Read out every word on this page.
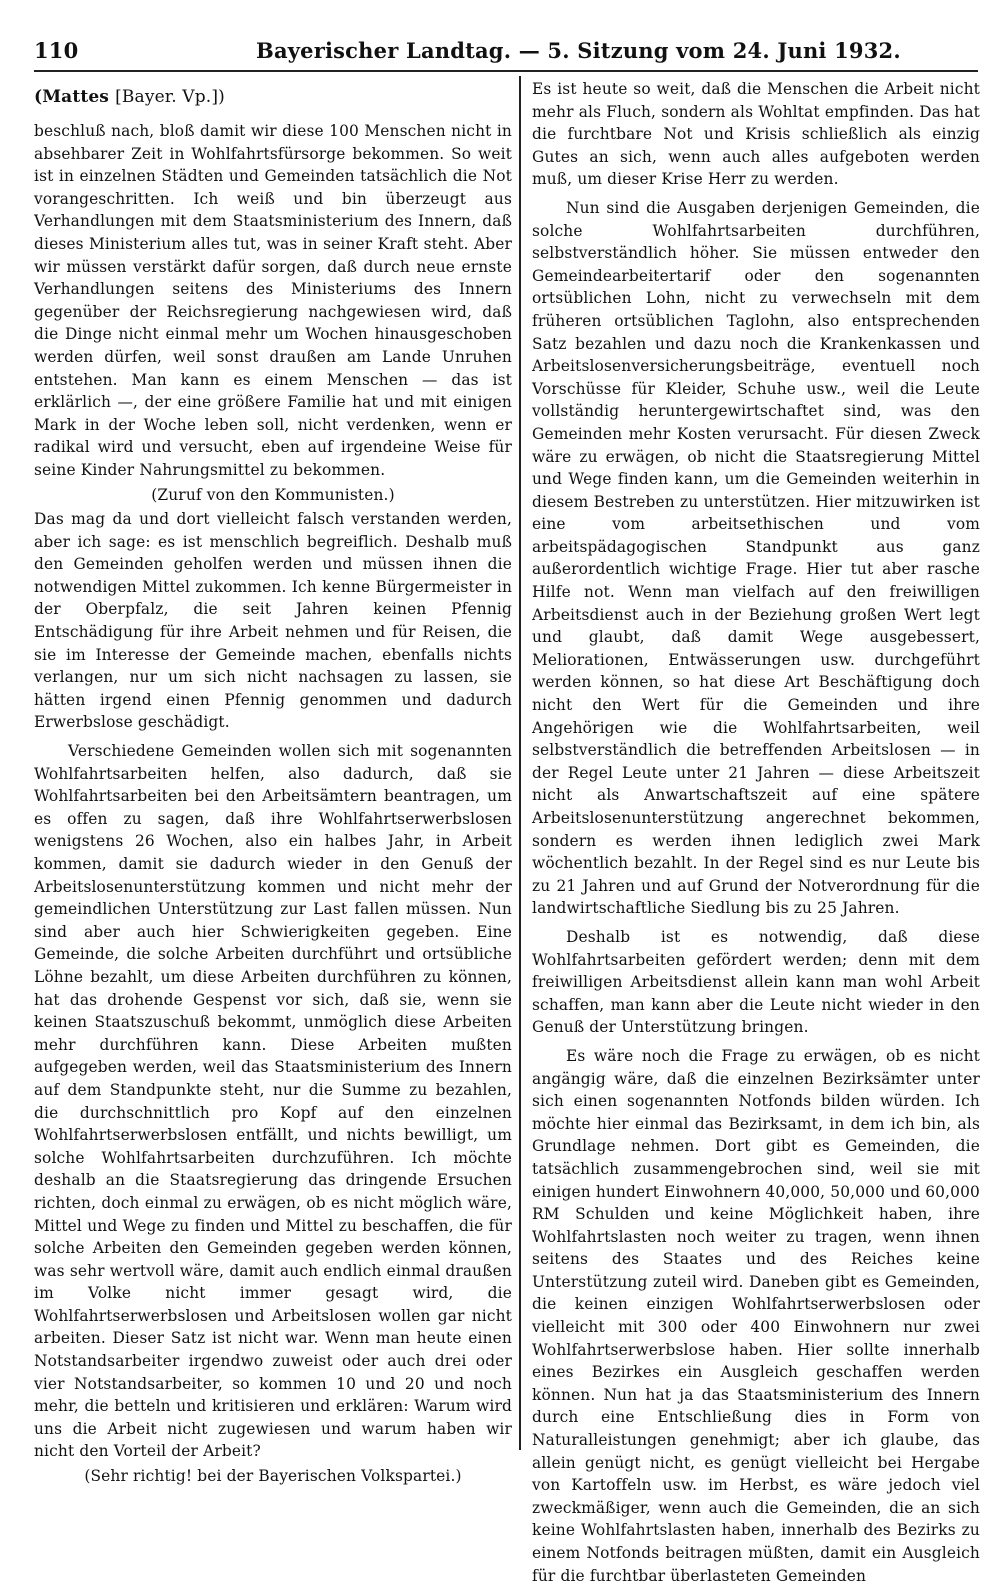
110	Bayerischer Landtag. — 5. Sitzung vom 24. Juni 1932.
(Mattes [Bayer. Vp.])

beschluß nach, bloß damit wir diese 100 Menschen nicht in absehbarer Zeit in Wohlfahrtsfürsorge bekommen. So weit ist in einzelnen Städten und Gemeinden tatsächlich die Not vorangeschritten. Ich weiß und bin überzeugt aus Verhandlungen mit dem Staatsministerium des Innern, daß dieses Ministerium alles tut, was in seiner Kraft steht. Aber wir müssen verstärkt dafür sorgen, daß durch neue ernste Verhandlungen seitens des Ministeriums des Innern gegenüber der Reichsregierung nachgewiesen wird, daß die Dinge nicht einmal mehr um Wochen hinausgeschoben werden dürfen, weil sonst draußen am Lande Unruhen entstehen. Man kann es einem Menschen — das ist erklärlich —, der eine größere Familie hat und mit einigen Mark in der Woche leben soll, nicht verdenken, wenn er radikal wird und versucht, eben auf irgendeine Weise für seine Kinder Nahrungsmittel zu bekommen.

(Zuruf von den Kommunisten.)

Das mag da und dort vielleicht falsch verstanden werden, aber ich sage: es ist menschlich begreiflich. Deshalb muß den Gemeinden geholfen werden und müssen ihnen die notwendigen Mittel zukommen. Ich kenne Bürgermeister in der Oberpfalz, die seit Jahren keinen Pfennig Entschädigung für ihre Arbeit nehmen und für Reisen, die sie im Interesse der Gemeinde machen, ebenfalls nichts verlangen, nur um sich nicht nachsagen zu lassen, sie hätten irgend einen Pfennig genommen und dadurch Erwerbslose geschädigt.

Verschiedene Gemeinden wollen sich mit sogenannten Wohlfahrtsarbeiten helfen, also dadurch, daß sie Wohlfahrtsarbeiten bei den Arbeitsämtern beantragen, um es offen zu sagen, daß ihre Wohlfahrtserwerbslosen wenigstens 26 Wochen, also ein halbes Jahr, in Arbeit kommen, damit sie dadurch wieder in den Genuß der Arbeitslosenunterstützung kommen und nicht mehr der gemeindlichen Unterstützung zur Last fallen müssen. Nun sind aber auch hier Schwierigkeiten gegeben. Eine Gemeinde, die solche Arbeiten durchführt und ortsübliche Löhne bezahlt, um diese Arbeiten durchführen zu können, hat das drohende Gespenst vor sich, daß sie, wenn sie keinen Staatszuschuß bekommt, unmöglich diese Arbeiten mehr durchführen kann. Diese Arbeiten mußten aufgegeben werden, weil das Staatsministerium des Innern auf dem Standpunkte steht, nur die Summe zu bezahlen, die durchschnittlich pro Kopf auf den einzelnen Wohlfahrtserwerbslosen entfällt, und nichts bewilligt, um solche Wohlfahrtsarbeiten durchzuführen. Ich möchte deshalb an die Staatsregierung das dringende Ersuchen richten, doch einmal zu erwägen, ob es nicht möglich wäre, Mittel und Wege zu finden und Mittel zu beschaffen, die für solche Arbeiten den Gemeinden gegeben werden können, was sehr wertvoll wäre, damit auch endlich einmal draußen im Volke nicht immer gesagt wird, die Wohlfahrtserwerbslosen und Arbeitslosen wollen gar nicht arbeiten. Dieser Satz ist nicht war. Wenn man heute einen Notstandsarbeiter irgendwo zuweist oder auch drei oder vier Notstandsarbeiter, so kommen 10 und 20 und noch mehr, die betteln und kritisieren und erklären: Warum wird uns die Arbeit nicht zugewiesen und warum haben wir nicht den Vorteil der Arbeit?

(Sehr richtig! bei der Bayerischen Volkspartei.)

Es ist heute so weit, daß die Menschen die Arbeit nicht mehr als Fluch, sondern als Wohltat empfinden. Das hat die furchtbare Not und Krisis schließlich als einzig Gutes an sich, wenn auch alles aufgeboten werden muß, um dieser Krise Herr zu werden.

Nun sind die Ausgaben derjenigen Gemeinden, die solche Wohlfahrtsarbeiten durchführen, selbstverständlich höher. Sie müssen entweder den Gemeindearbeitertarif oder den sogenannten ortsüblichen Lohn, nicht zu verwechseln mit dem früheren ortsüblichen Taglohn, also entsprechenden Satz bezahlen und dazu noch die Krankenkassen und Arbeitslosenversicherungsbeiträge, eventuell noch Vorschüsse für Kleider, Schuhe usw., weil die Leute vollständig heruntergewirtschaftet sind, was den Gemeinden mehr Kosten verursacht. Für diesen Zweck wäre zu erwägen, ob nicht die Staatsregierung Mittel und Wege finden kann, um die Gemeinden weiterhin in diesem Bestreben zu unterstützen. Hier mitzuwirken ist eine vom arbeitsethischen und vom arbeitspädagogischen Standpunkt aus ganz außerordentlich wichtige Frage. Hier tut aber rasche Hilfe not. Wenn man vielfach auf den freiwilligen Arbeitsdienst auch in der Beziehung großen Wert legt und glaubt, daß damit Wege ausgebessert, Meliorationen, Entwässerungen usw. durchgeführt werden können, so hat diese Art Beschäftigung doch nicht den Wert für die Gemeinden und ihre Angehörigen wie die Wohlfahrtsarbeiten, weil selbstverständlich die betreffenden Arbeitslosen — in der Regel Leute unter 21 Jahren — diese Arbeitszeit nicht als Anwartschaftszeit auf eine spätere Arbeitslosenunterstützung angerechnet bekommen, sondern es werden ihnen lediglich zwei Mark wöchentlich bezahlt. In der Regel sind es nur Leute bis zu 21 Jahren und auf Grund der Notverordnung für die landwirtschaftliche Siedlung bis zu 25 Jahren.

Deshalb ist es notwendig, daß diese Wohlfahrtsarbeiten gefördert werden; denn mit dem freiwilligen Arbeitsdienst allein kann man wohl Arbeit schaffen, man kann aber die Leute nicht wieder in den Genuß der Unterstützung bringen.

Es wäre noch die Frage zu erwägen, ob es nicht angängig wäre, daß die einzelnen Bezirksämter unter sich einen sogenannten Notfonds bilden würden. Ich möchte hier einmal das Bezirksamt, in dem ich bin, als Grundlage nehmen. Dort gibt es Gemeinden, die tatsächlich zusammengebrochen sind, weil sie mit einigen hundert Einwohnern 40,000, 50,000 und 60,000 RM Schulden und keine Möglichkeit haben, ihre Wohlfahrtslasten noch weiter zu tragen, wenn ihnen seitens des Staates und des Reiches keine Unterstützung zuteil wird. Daneben gibt es Gemeinden, die keinen einzigen Wohlfahrtserwerbslosen oder vielleicht mit 300 oder 400 Einwohnern nur zwei Wohlfahrtserwerbslose haben. Hier sollte innerhalb eines Bezirkes ein Ausgleich geschaffen werden können. Nun hat ja das Staatsministerium des Innern durch eine Entschließung dies in Form von Naturalleistungen genehmigt; aber ich glaube, das allein genügt nicht, es genügt vielleicht bei Hergabe von Kartoffeln usw. im Herbst, es wäre jedoch viel zweckmäßiger, wenn auch die Gemeinden, die an sich keine Wohlfahrtslasten haben, innerhalb des Bezirks zu einem Notfonds beitragen müßten, damit ein Ausgleich für die furchtbar überlasteten Gemeinden
